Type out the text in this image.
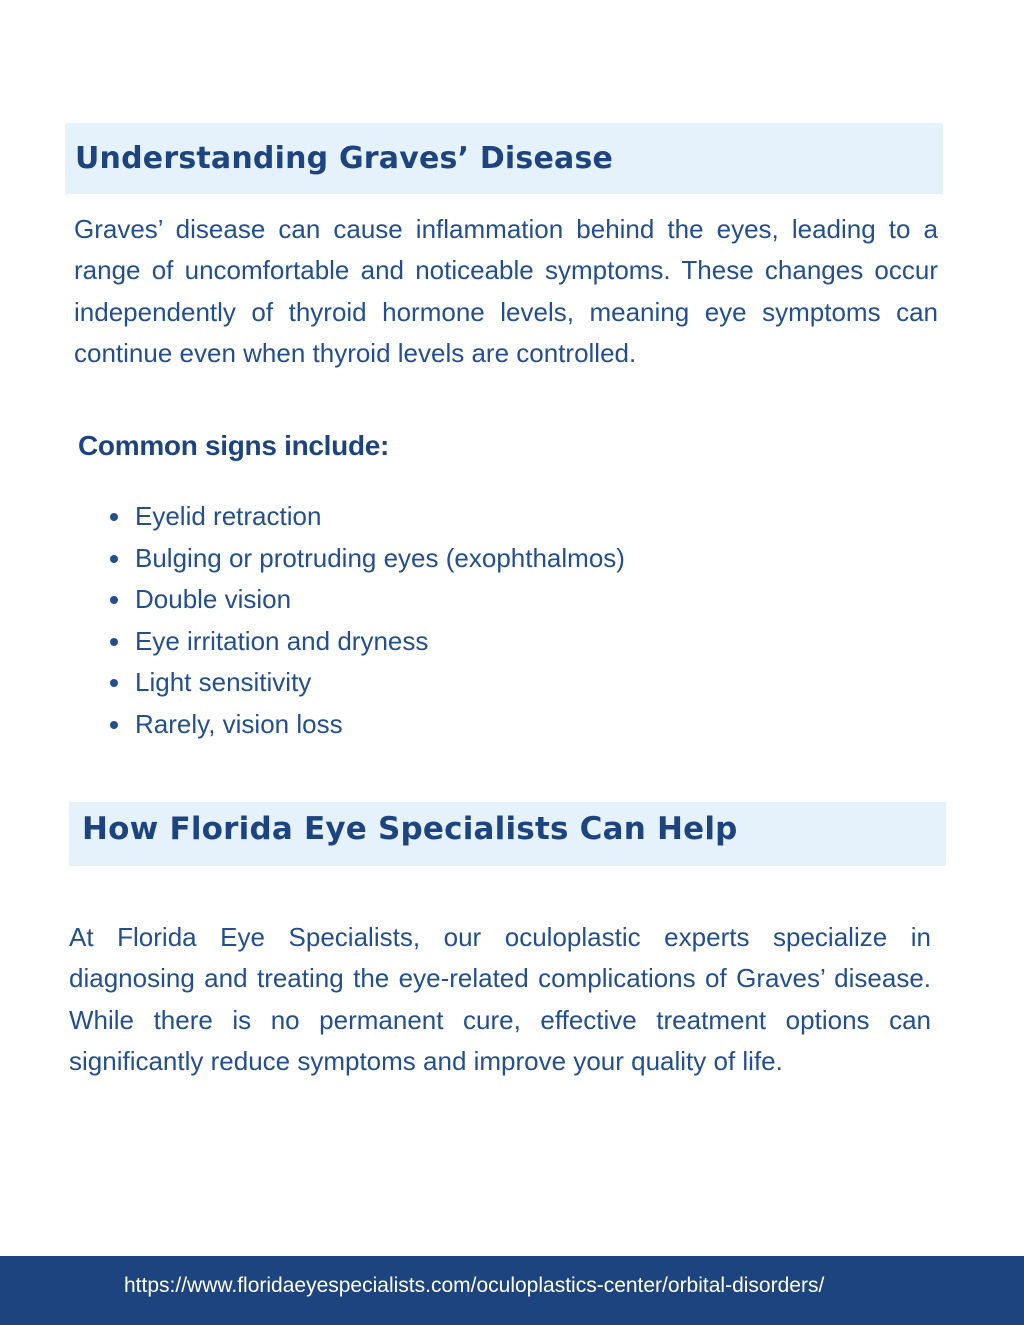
Understanding Graves’ Disease

Graves’ disease can cause inflammation behind the eyes, leading to a range of uncomfortable and noticeable symptoms. These changes occur independently of thyroid hormone levels, meaning eye symptoms can continue even when thyroid levels are controlled.

Common signs include:
Eyelid retraction
Bulging or protruding eyes (exophthalmos)
Double vision
Eye irritation and dryness
Light sensitivity
Rarely, vision loss
How Florida Eye Specialists Can Help

At Florida Eye Specialists, our oculoplastic experts specialize in diagnosing and treating the eye-related complications of Graves’ disease. While there is no permanent cure, effective treatment options can significantly reduce symptoms and improve your quality of life.

https://www.floridaeyespecialists.com/oculoplastics-center/orbital-disorders/
